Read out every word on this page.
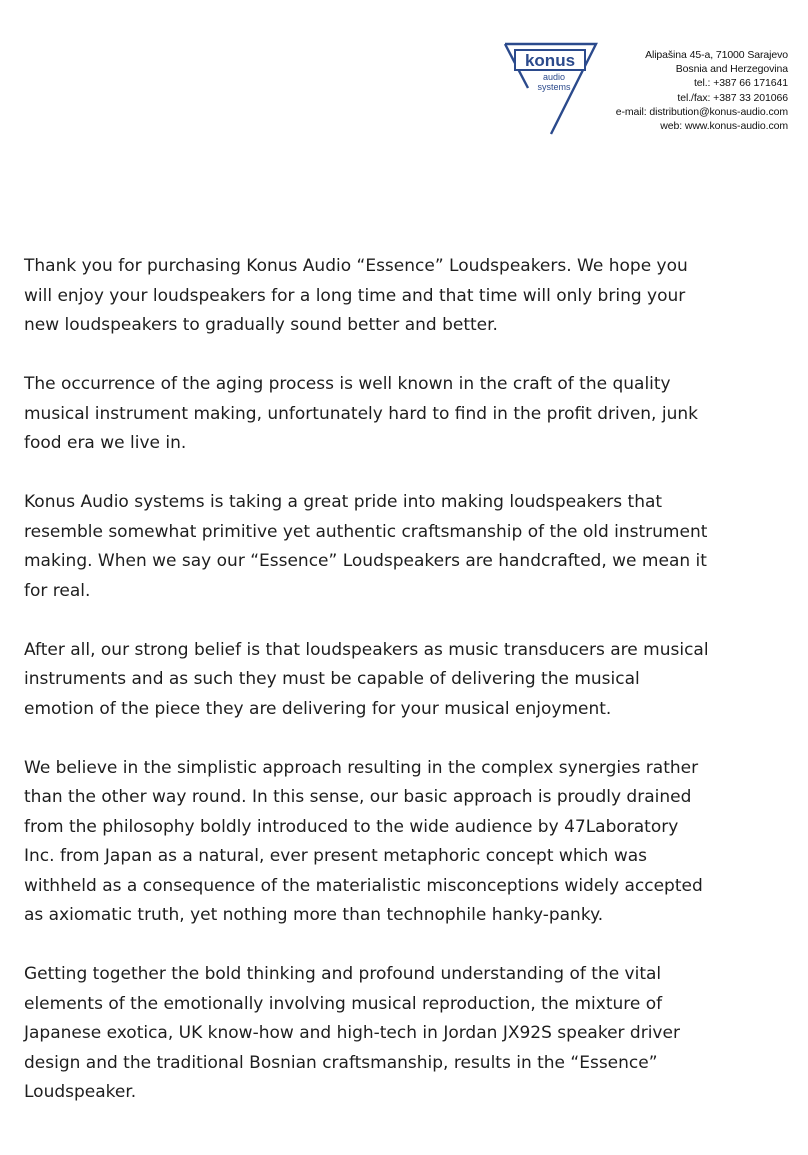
konus
audio
systems
Alipašina 45-a, 71000 Sarajevo
Bosnia and Herzegovina
tel.: +387 66 171641
tel./fax: +387 33 201066
e-mail: distribution@konus-audio.com
web: www.konus-audio.com

Thank you for purchasing Konus Audio “Essence” Loudspeakers. We hope you will enjoy your loudspeakers for a long time and that time will only bring your new loudspeakers to gradually sound better and better.

The occurrence of the aging process is well known in the craft of the quality musical instrument making, unfortunately hard to find in the profit driven, junk food era we live in.

Konus Audio systems is taking a great pride into making loudspeakers that resemble somewhat primitive yet authentic craftsmanship of the old instrument making. When we say our “Essence” Loudspeakers are handcrafted, we mean it for real.

After all, our strong belief is that loudspeakers as music transducers are musical instruments and as such they must be capable of delivering the musical emotion of the piece they are delivering for your musical enjoyment.

We believe in the simplistic approach resulting in the complex synergies rather than the other way round. In this sense, our basic approach is proudly drained from the philosophy boldly introduced to the wide audience by 47Laboratory Inc. from Japan as a natural, ever present metaphoric concept which was withheld as a consequence of the materialistic misconceptions widely accepted as axiomatic truth, yet nothing more than technophile hanky-panky.

Getting together the bold thinking and profound understanding of the vital elements of the emotionally involving musical reproduction, the mixture of Japanese exotica, UK know-how and high-tech in Jordan JX92S speaker driver design and the traditional Bosnian craftsmanship, results in the “Essence” Loudspeaker.
